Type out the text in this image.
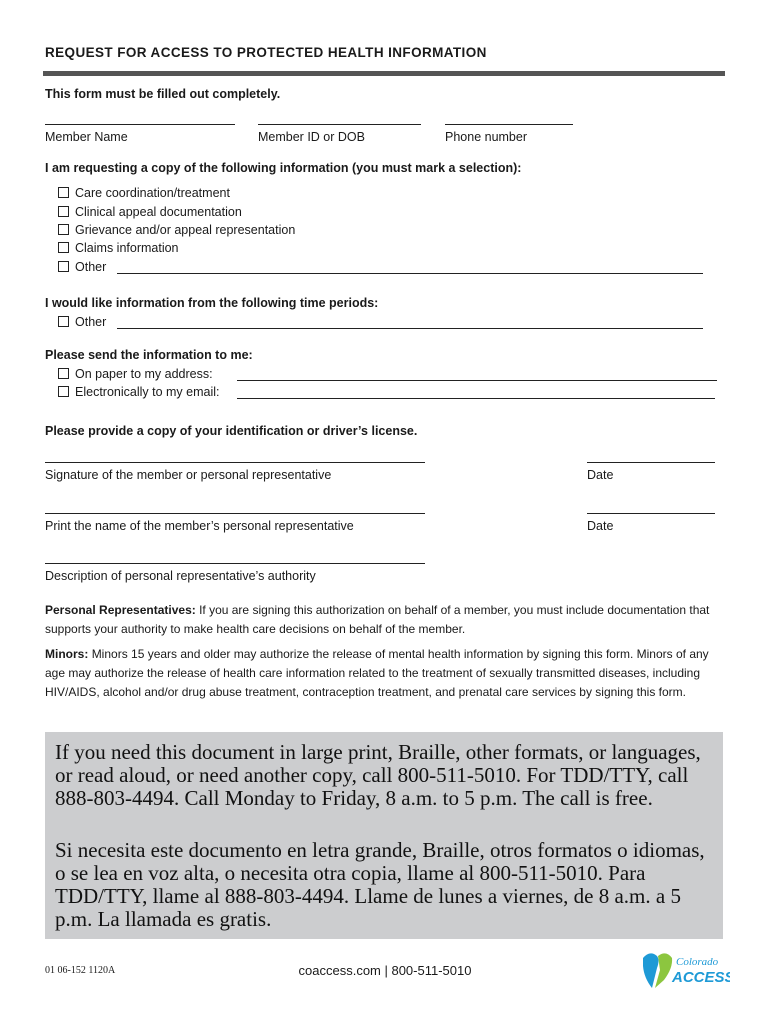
REQUEST FOR ACCESS TO PROTECTED HEALTH INFORMATION
This form must be filled out completely.
Member Name	Member ID or DOB	Phone number
I am requesting a copy of the following information (you must mark a selection):
Care coordination/treatment
Clinical appeal documentation
Grievance and/or appeal representation
Claims information
Other
I would like information from the following time periods:
Other
Please send the information to me:
On paper to my address:
Electronically to my email:
Please provide a copy of your identification or driver’s license.
Signature of the member or personal representative	Date
Print the name of the member’s personal representative	Date
Description of personal representative’s authority
Personal Representatives: If you are signing this authorization on behalf of a member, you must include documentation that supports your authority to make health care decisions on behalf of the member.
Minors: Minors 15 years and older may authorize the release of mental health information by signing this form. Minors of any age may authorize the release of health care information related to the treatment of sexually transmitted diseases, including HIV/AIDS, alcohol and/or drug abuse treatment, contraception treatment, and prenatal care services by signing this form.

If you need this document in large print, Braille, other formats, or languages, or read aloud, or need another copy, call 800-511-5010. For TDD/TTY, call 888-803-4494. Call Monday to Friday, 8 a.m. to 5 p.m. The call is free.

Si necesita este documento en letra grande, Braille, otros formatos o idiomas, o se lea en voz alta, o necesita otra copia, llame al 800-511-5010. Para TDD/TTY, llame al 888-803-4494. Llame de lunes a viernes, de 8 a.m. a 5 p.m. La llamada es gratis.

01 06-152 1120A	coaccess.com | 800-511-5010
Colorado
ACCESS
